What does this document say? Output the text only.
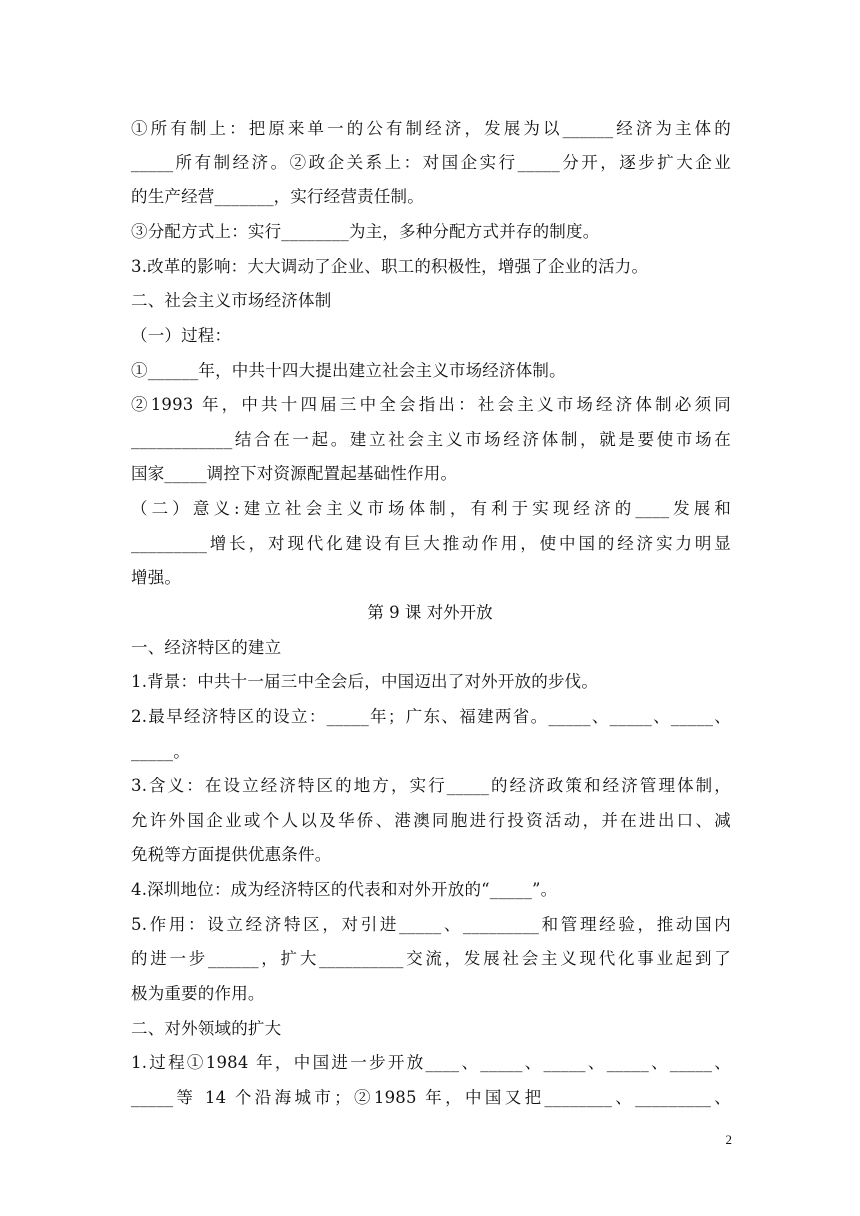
①所有制上：把原来单一的公有制经济，发展为以______经济为主体的
_____所有制经济。②政企关系上：对国企实行_____分开，逐步扩大企业
的生产经营_______，实行经营责任制。
③分配方式上：实行________为主，多种分配方式并存的制度。
3.改革的影响：大大调动了企业、职工的积极性，增强了企业的活力。
二、社会主义市场经济体制
（一）过程：
①______年，中共十四大提出建立社会主义市场经济体制。
②1993 年，中共十四届三中全会指出：社会主义市场经济体制必须同
____________结合在一起。建立社会主义市场经济体制，就是要使市场在
国家_____调控下对资源配置起基础性作用。
（二）意义:建立社会主义市场体制，有利于实现经济的____发展和
_________增长，对现代化建设有巨大推动作用，使中国的经济实力明显
增强。
第 9 课 对外开放
一、经济特区的建立
1.背景：中共十一届三中全会后，中国迈出了对外开放的步伐。
2.最早经济特区的设立：_____年；广东、福建两省。_____、_____、_____、
_____。
3.含义：在设立经济特区的地方，实行_____的经济政策和经济管理体制，
允许外国企业或个人以及华侨、港澳同胞进行投资活动，并在进出口、减
免税等方面提供优惠条件。
4.深圳地位：成为经济特区的代表和对外开放的“_____”。
5.作用：设立经济特区，对引进_____、_________和管理经验，推动国内
的进一步______，扩大__________交流，发展社会主义现代化事业起到了
极为重要的作用。
二、对外领域的扩大
1.过程①1984 年，中国进一步开放____、_____、_____、_____、_____、
_____等 14 个沿海城市；②1985 年，中国又把________、_________、
2
